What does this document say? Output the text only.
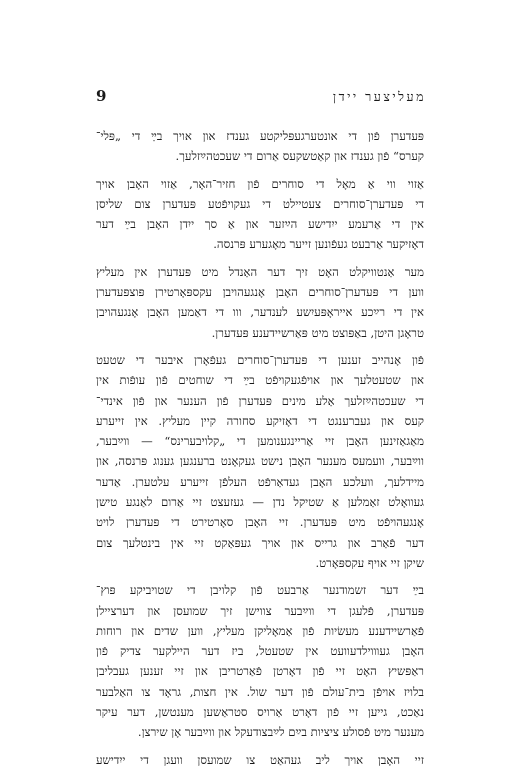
מעליצער יידן
9
פּעדערן פֿון די אונטערגעפּליקטע גענדז און אויך בײַ די „פּלי־
קערס“ פֿון גענדז און קאַטשקעס אַרום די שעכטהײַזלעך.
אַזוי ווי אַ מאָל די סוחרים פֿון חזיר־האָר, אַזוי האָבן אויך
די פּעדערן־סוחרים צעטיילט די געקויפֿטע פּעדערן צום שליסן
אין די אַרעמע ייִדישע הײַזער און אַ סך ייִדן האָבן בײַ דער
דאָזיקער אַרבעט געפֿונען זייער מאָגערע פּרנסה.
מער אַנטוויקלט האָט זיך דער האַנדל מיט פּעדערן אין מעליץ
ווען די פּעדערן־סוחרים האָבן אָנגעהויבן עקספּאָרטירן פּוצפּעדערן
אין די רײַכע אייראָפּעיִשע לענדער, ווו די דאַמען האָבן אָנגעהויבן
טראָגן היטן, באַפּוצט מיט פּאַרשיידענע פּעדערן.
פֿון אָנהייב זענען די פּעדערן־סוחרים געפֿאָרן איבער די שטעט
און שטעטלעך און אויפֿגעקויפֿט בײַ די שוחטים פֿון עופֿות אין
די שעכטהײַזלעך אַלע מינים פּעדערן פֿון הענער און פֿון אינדי־
קעס און געברענגט די דאָזיקע סחורה קיין מעליץ. אין זייערע
מאַגאַזינען האָבן זיי אַריינגענומען די „קלויבערינס“ — ווײַבער,
ווײַבער, וועמעס מענער האָבן נישט געקאָנט ברענגען גענוג פּרנסה, און
מיידלעך, וועלכע האָבן געדאַרפֿט העלפֿן זייערע עלטערן. אַדער
געוואָלט זאַמלען אַ שטיקל נדן — געזעצט זיי אַרום לאַנגע טישן
אָנגעהויפֿט מיט פּעדערן. זיי האָבן סאָרטירט די פּעדערן לויט
דער פֿאַרב און גרייס און אויך געפּאַקט זיי אין בינטלעך צום
שיקן זיי אויף עקספּאָרט.
בײַ דער זשמודנער אַרבעט פֿון קלויבן די שטויביקע פּוץ־
פּעדערן, פֿלעגן די ווײַבער צווישן זיך שמועסן און דערציילן
פֿאַרשיידענע מעשׂיות פֿון אַמאָליקן מעליץ, ווען שדים און רוחות
האָבן געוווילדעוועט אין שטעטל, ביז דער היילקער צדיק פֿון
ראַפּשיץ האָט זיי פֿון דאָרטן פֿאַרטריבן און זיי זענען געבליבן
בלויז אויפֿן בית־עולם פֿון דער שול. אין חצות, גראָד צו האַלבער
נאַכט, גייען זיי פֿון דאָרט אַרויס סטראַשען מענטשן, דער עיקר
מענער מיט פֿסולע ציציות בײַם לײַבצודעקל און ווײַבער אָן שירצן.
זיי האָבן אויך ליב געהאַט צו שמועסן וועגן די ייִדישע
